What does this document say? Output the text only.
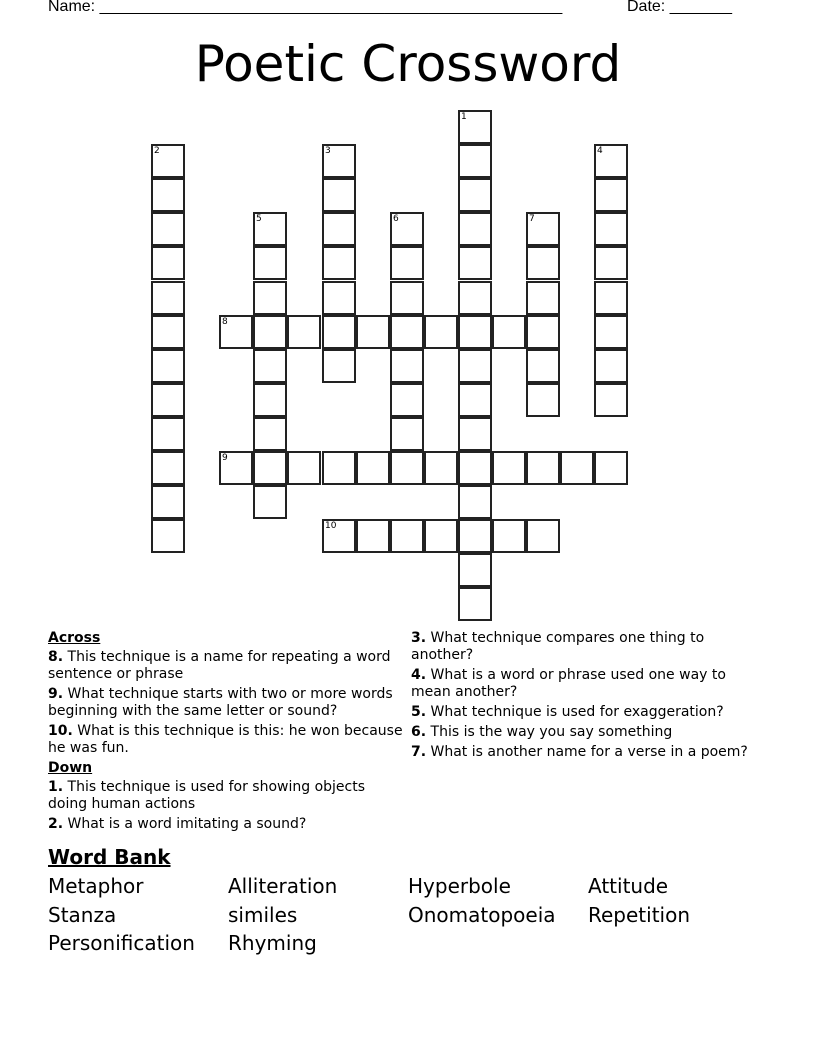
Name: ____________________________________________________	Date: _______
Poetic Crossword
1
2	3	4
5	6	7
8
9
10
Across
8. This technique is a name for repeating a word sentence or phrase
9. What technique starts with two or more words beginning with the same letter or sound?
10. What is this technique is this: he won because he was fun.
Down
1. This technique is used for showing objects doing human actions
2. What is a word imitating a sound?
3. What technique compares one thing to another?
4. What is a word or phrase used one way to mean another?
5. What technique is used for exaggeration?
6. This is the way you say something
7. What is another name for a verse in a poem?
Word Bank
Metaphor	Alliteration	Hyperbole	Attitude
Stanza	similes	Onomatopoeia Repetition
Personification Rhyming
